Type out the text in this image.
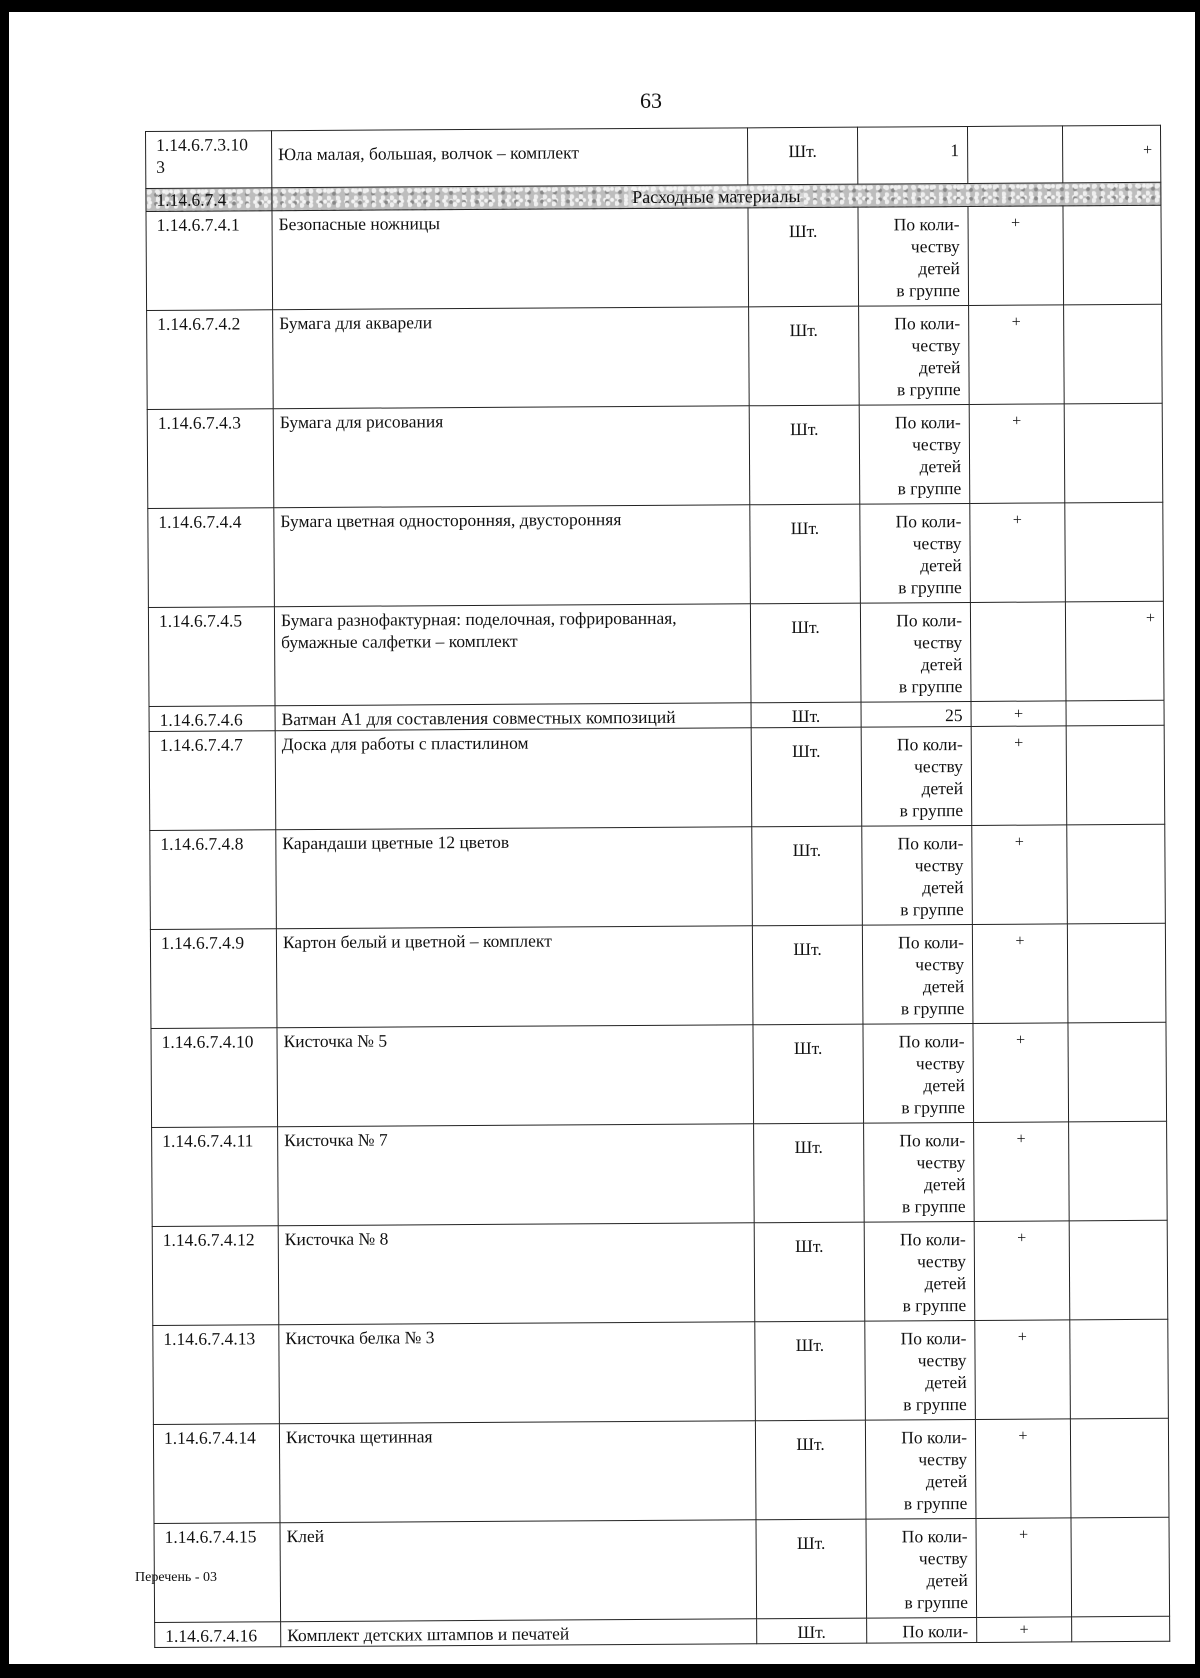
63
1.14.6.7.3.10
3	Юла малая, большая, волчок – комплект	Шт.	1		+
1.14.6.7.4	Расходные материалы				
1.14.6.7.4.1	Безопасные ножницы	Шт.	По коли-
честву
детей
в группе	+	
1.14.6.7.4.2	Бумага для акварели	Шт.	По коли-
честву
детей
в группе	+	
1.14.6.7.4.3	Бумага для рисования	Шт.	По коли-
честву
детей
в группе	+	
1.14.6.7.4.4	Бумага цветная односторонняя, двусторонняя	Шт.	По коли-
честву
детей
в группе	+	
1.14.6.7.4.5	Бумага разнофактурная: поделочная, гофрированная, бумажные салфетки – комплект	Шт.	По коли-
честву
детей
в группе		+
1.14.6.7.4.6	Ватман А1 для составления совместных композиций	Шт.	25	+	
1.14.6.7.4.7	Доска для работы с пластилином	Шт.	По коли-
честву
детей
в группе	+	
1.14.6.7.4.8	Карандаши цветные 12 цветов	Шт.	По коли-
честву
детей
в группе	+	
1.14.6.7.4.9	Картон белый и цветной – комплект	Шт.	По коли-
честву
детей
в группе	+	
1.14.6.7.4.10	Кисточка № 5	Шт.	По коли-
честву
детей
в группе	+	
1.14.6.7.4.11	Кисточка № 7	Шт.	По коли-
честву
детей
в группе	+	
1.14.6.7.4.12	Кисточка № 8	Шт.	По коли-
честву
детей
в группе	+	
1.14.6.7.4.13	Кисточка белка № 3	Шт.	По коли-
честву
детей
в группе	+	
1.14.6.7.4.14	Кисточка щетинная	Шт.	По коли-
честву
детей
в группе	+	
1.14.6.7.4.15	Клей	Шт.	По коли-
честву
детей
в группе	+	
1.14.6.7.4.16	Комплект детских штампов и печатей	Шт.	По коли-	+	
Перечень - 03
